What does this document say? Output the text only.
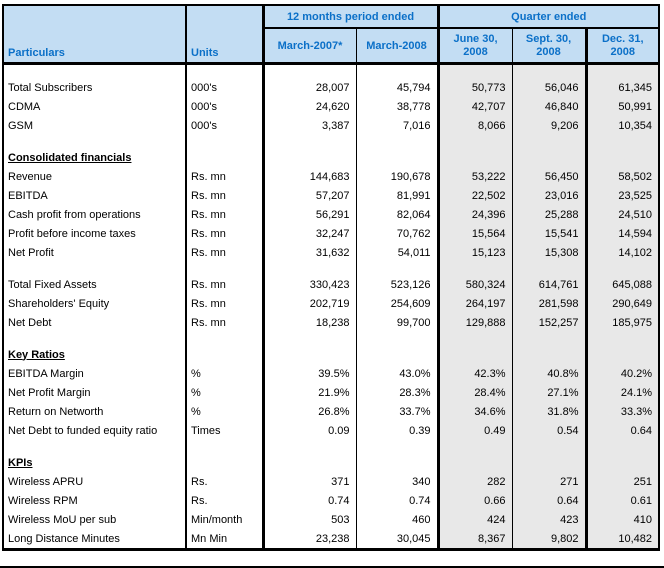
Particulars	Units	12 months period ended		Quarter ended		
		March-2007*	March-2008	June 30, 2008	Sept. 30, 2008	Dec. 31, 2008

Total Subscribers	000's	28,007	45,794	50,773	56,046	61,345
CDMA	000's	24,620	38,778	42,707	46,840	50,991
GSM	000's	3,387	7,016	8,066	9,206	10,354

Consolidated financials						
Revenue	Rs. mn	144,683	190,678	53,222	56,450	58,502
EBITDA	Rs. mn	57,207	81,991	22,502	23,016	23,525
Cash profit from operations	Rs. mn	56,291	82,064	24,396	25,288	24,510
Profit before income taxes	Rs. mn	32,247	70,762	15,564	15,541	14,594
Net Profit	Rs. mn	31,632	54,011	15,123	15,308	14,102

Total Fixed Assets	Rs. mn	330,423	523,126	580,324	614,761	645,088
Shareholders' Equity	Rs. mn	202,719	254,609	264,197	281,598	290,649
Net Debt	Rs. mn	18,238	99,700	129,888	152,257	185,975

Key Ratios						
EBITDA Margin	%	39.5%	43.0%	42.3%	40.8%	40.2%
Net Profit Margin	%	21.9%	28.3%	28.4%	27.1%	24.1%
Return on Networth	%	26.8%	33.7%	34.6%	31.8%	33.3%
Net Debt to funded equity ratio	Times	0.09	0.39	0.49	0.54	0.64

KPIs						
Wireless APRU	Rs.	371	340	282	271	251
Wireless RPM	Rs.	0.74	0.74	0.66	0.64	0.61
Wireless MoU per sub	Min/month	503	460	424	423	410
Long Distance Minutes	Mn Min	23,238	30,045	8,367	9,802	10,482
